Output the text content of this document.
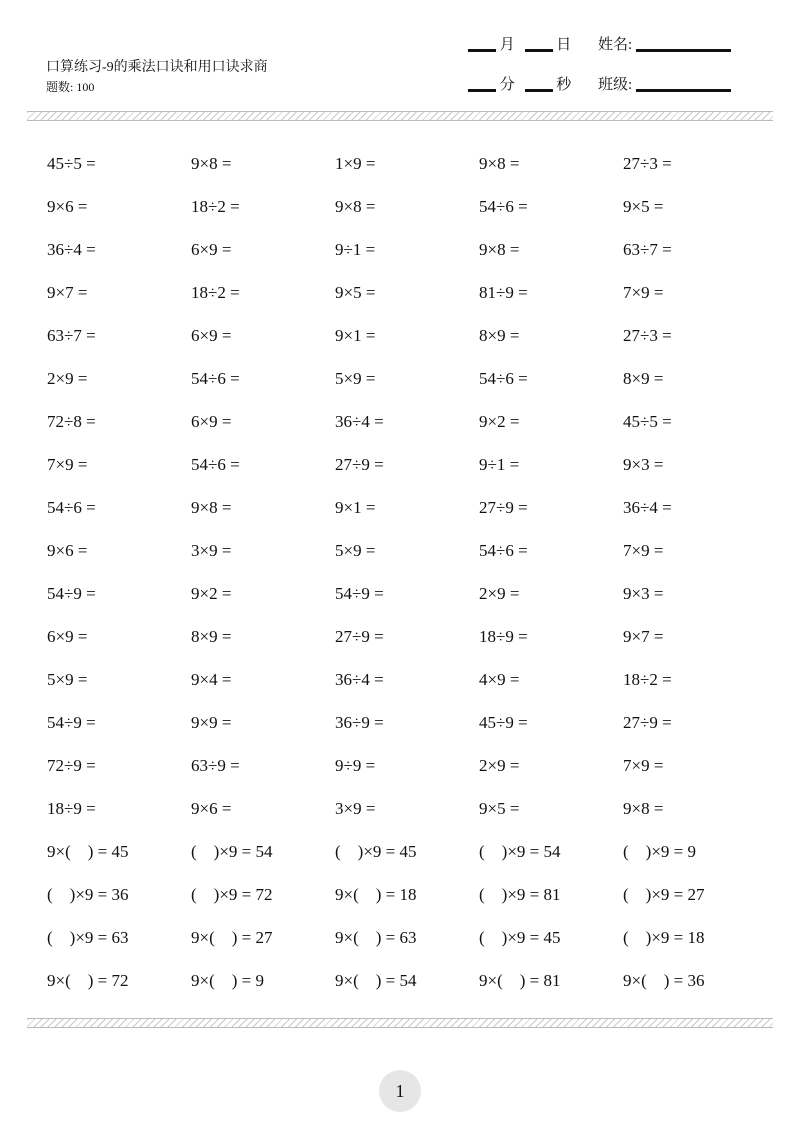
口算练习-9的乘法口诀和用口诀求商
题数: 100
月	日 姓名:
分	秒 班级:
45÷5 =	9×8 =	1×9 =	9×8 =	27÷3 =
9×6 =	18÷2 =	9×8 =	54÷6 =	9×5 =
36÷4 =	6×9 =	9÷1 =	9×8 =	63÷7 =
9×7 =	18÷2 =	9×5 =	81÷9 =	7×9 =
63÷7 =	6×9 =	9×1 =	8×9 =	27÷3 =
2×9 =	54÷6 =	5×9 =	54÷6 =	8×9 =
72÷8 =	6×9 =	36÷4 =	9×2 =	45÷5 =
7×9 =	54÷6 =	27÷9 =	9÷1 =	9×3 =
54÷6 =	9×8 =	9×1 =	27÷9 =	36÷4 =
9×6 =	3×9 =	5×9 =	54÷6 =	7×9 =
54÷9 =	9×2 =	54÷9 =	2×9 =	9×3 =
6×9 =	8×9 =	27÷9 =	18÷9 =	9×7 =
5×9 =	9×4 =	36÷4 =	4×9 =	18÷2 =
54÷9 =	9×9 =	36÷9 =	45÷9 =	27÷9 =
72÷9 =	63÷9 =	9÷9 =	2×9 =	7×9 =
18÷9 =	9×6 =	3×9 =	9×5 =	9×8 =
9×(    ) = 45	(    )×9 = 54	(    )×9 = 45	(    )×9 = 54	(    )×9 = 9
(    )×9 = 36	(    )×9 = 72	9×(    ) = 18	(    )×9 = 81	(    )×9 = 27
(    )×9 = 63	9×(    ) = 27	9×(    ) = 63	(    )×9 = 45	(    )×9 = 18
9×(    ) = 72	9×(    ) = 9	9×(    ) = 54	9×(    ) = 81	9×(    ) = 36
1
